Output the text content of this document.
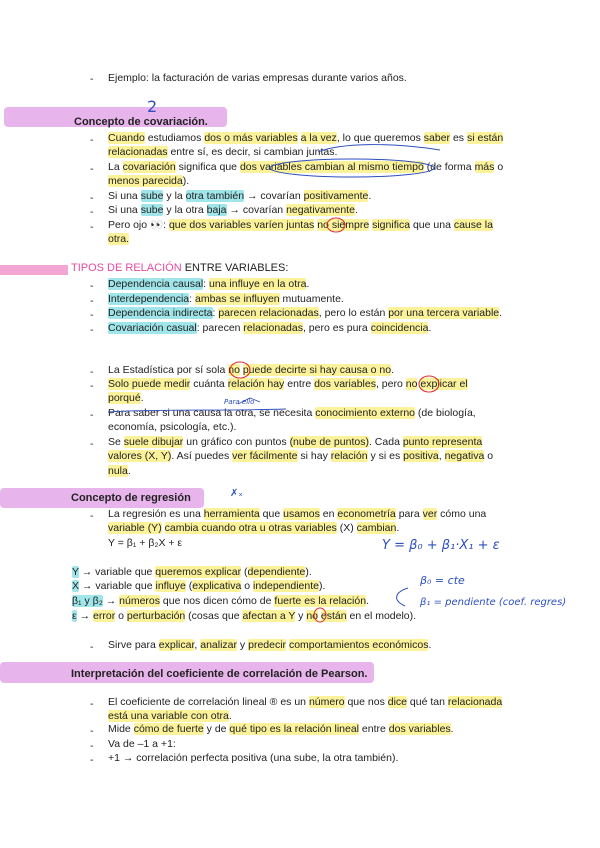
- Ejemplo: la facturación de varias empresas durante varios años.
Concepto de covariación.
2
- Cuando estudiamos dos o más variables a la vez, lo que queremos saber es si están
relacionadas entre sí, es decir, si cambian juntas.
- La covariación significa que dos variables cambian al mismo tiempo (de forma más o
menos parecida).
- Si una sube y la otra también → covarían positivamente.
- Si una sube y la otra baja → covarían negativamente.
- Pero ojo 👀: que dos variables varíen juntas no siempre significa que una cause la
otra.
TIPOS DE RELACIÓN ENTRE VARIABLES:
- Dependencia causal: una influye en la otra.
- Interdependencia: ambas se influyen mutuamente.
- Dependencia indirecta: parecen relacionadas, pero lo están por una tercera variable.
- Covariación casual: parecen relacionadas, pero es pura coincidencia.
- La Estadística por sí sola no puede decirte si hay causa o no.
- Solo puede medir cuánta relación hay entre dos variables, pero no explicar el
porqué.	Para ello
- Para saber si una causa la otra, se necesita conocimiento externo (de biología,
economía, psicología, etc.).
- Se suele dibujar un gráfico con puntos (nube de puntos). Cada punto representa
valores (X, Y). Así puedes ver fácilmente si hay relación y si es positiva, negativa o
nula.
Concepto de regresión	✗ₓ
- La regresión es una herramienta que usamos en econometría para ver cómo una
variable (Y) cambia cuando otra u otras variables (X) cambian.
Y = β₁ + β₂X + ε	Y = β₀ + β₁·X₁ + ε
Y → variable que queremos explicar (dependiente).
X → variable que influye (explicativa o independiente).
β₁ y β₂ → números que nos dicen cómo de fuerte es la relación.
ε → error o perturbación (cosas que afectan a Y y no están en el modelo).
β₀ = cte
β₁ = pendiente (coef. regres)
- Sirve para explicar, analizar y predecir comportamientos económicos.
Interpretación del coeficiente de correlación de Pearson.
- El coeficiente de correlación lineal ® es un número que nos dice qué tan relacionada
está una variable con otra.
- Mide cómo de fuerte y de qué tipo es la relación lineal entre dos variables.
- Va de –1 a +1:
- +1 → correlación perfecta positiva (una sube, la otra también).
